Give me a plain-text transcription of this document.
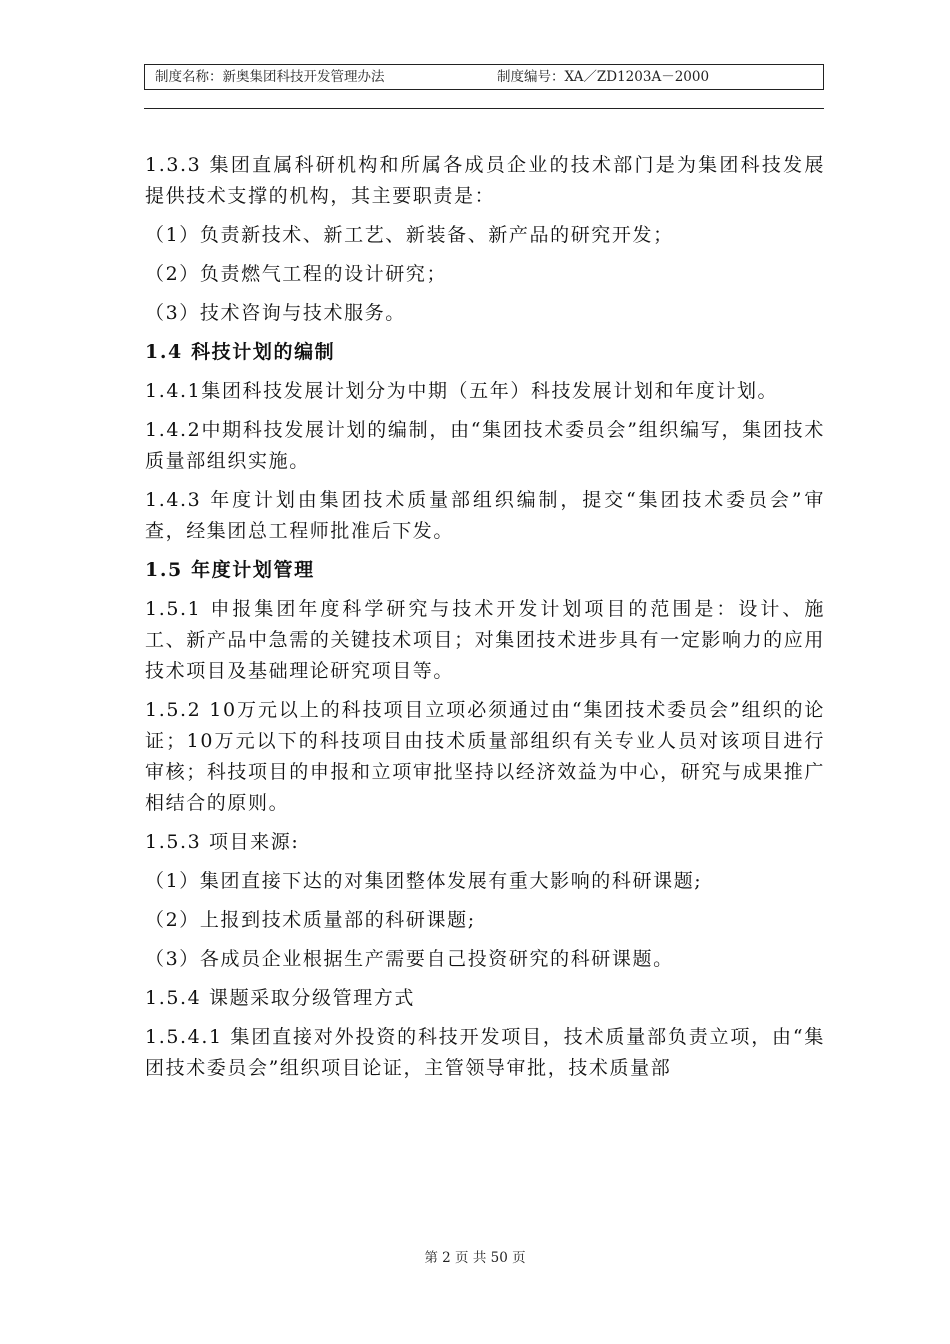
制度名称：新奥集团科技开发管理办法	制度编号：XA／ZD1203A－2000

1.3.3 集团直属科研机构和所属各成员企业的技术部门是为集团科技发展提供技术支撑的机构，其主要职责是：

（1）负责新技术、新工艺、新装备、新产品的研究开发；

（2）负责燃气工程的设计研究；

（3）技术咨询与技术服务。

1.4 科技计划的编制

1.4.1集团科技发展计划分为中期（五年）科技发展计划和年度计划。

1.4.2中期科技发展计划的编制，由“集团技术委员会”组织编写，集团技术质量部组织实施。

1.4.3 年度计划由集团技术质量部组织编制，提交“集团技术委员会”审查，经集团总工程师批准后下发。

1.5 年度计划管理

1.5.1 申报集团年度科学研究与技术开发计划项目的范围是：设计、施工、新产品中急需的关键技术项目；对集团技术进步具有一定影响力的应用技术项目及基础理论研究项目等。

1.5.2 10万元以上的科技项目立项必须通过由“集团技术委员会”组织的论证；10万元以下的科技项目由技术质量部组织有关专业人员对该项目进行审核；科技项目的申报和立项审批坚持以经济效益为中心，研究与成果推广相结合的原则。

1.5.3 项目来源:

（1）集团直接下达的对集团整体发展有重大影响的科研课题;

（2）上报到技术质量部的科研课题;

（3）各成员企业根据生产需要自己投资研究的科研课题。

1.5.4 课题采取分级管理方式

1.5.4.1 集团直接对外投资的科技开发项目，技术质量部负责立项，由“集团技术委员会”组织项目论证，主管领导审批，技术质量部

第 2 页 共 50 页
